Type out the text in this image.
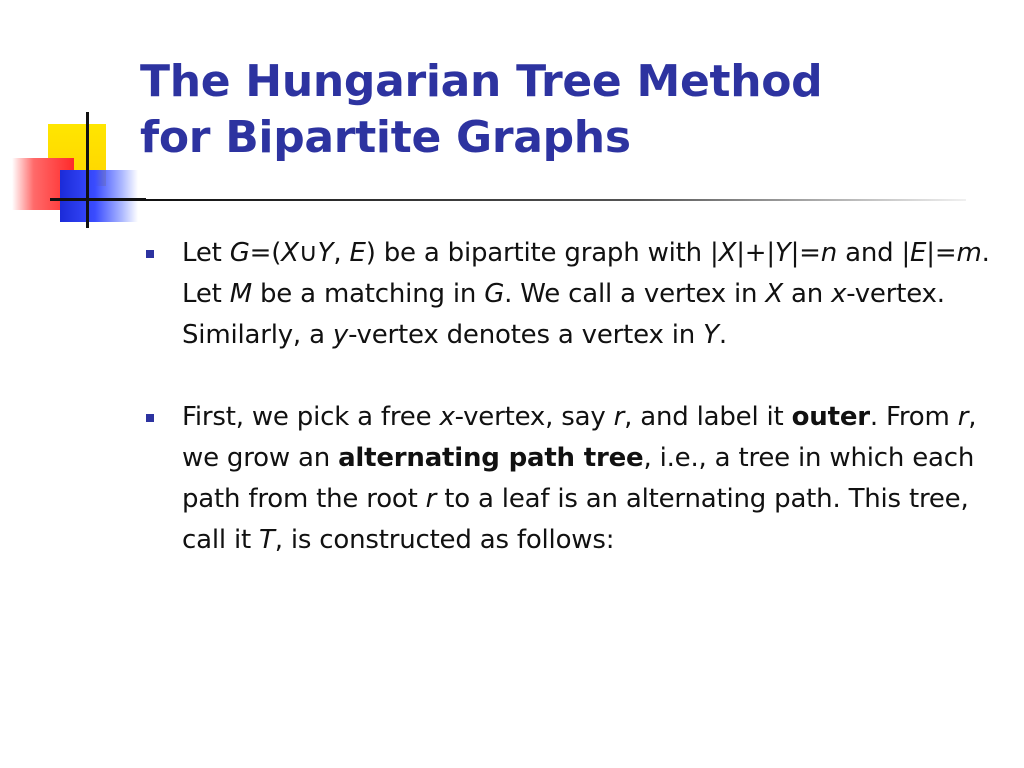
The Hungarian Tree Method
for Bipartite Graphs
Let G=(X∪Y, E) be a bipartite graph with |X|+|Y|=n and |E|=m. Let M be a matching in G. We call a vertex in X an x-vertex. Similarly, a y-vertex denotes a vertex in Y.
First, we pick a free x-vertex, say r, and label it outer. From r, we grow an alternating path tree, i.e., a tree in which each path from the root r to a leaf is an alternating path. This tree, call it T, is constructed as follows:
